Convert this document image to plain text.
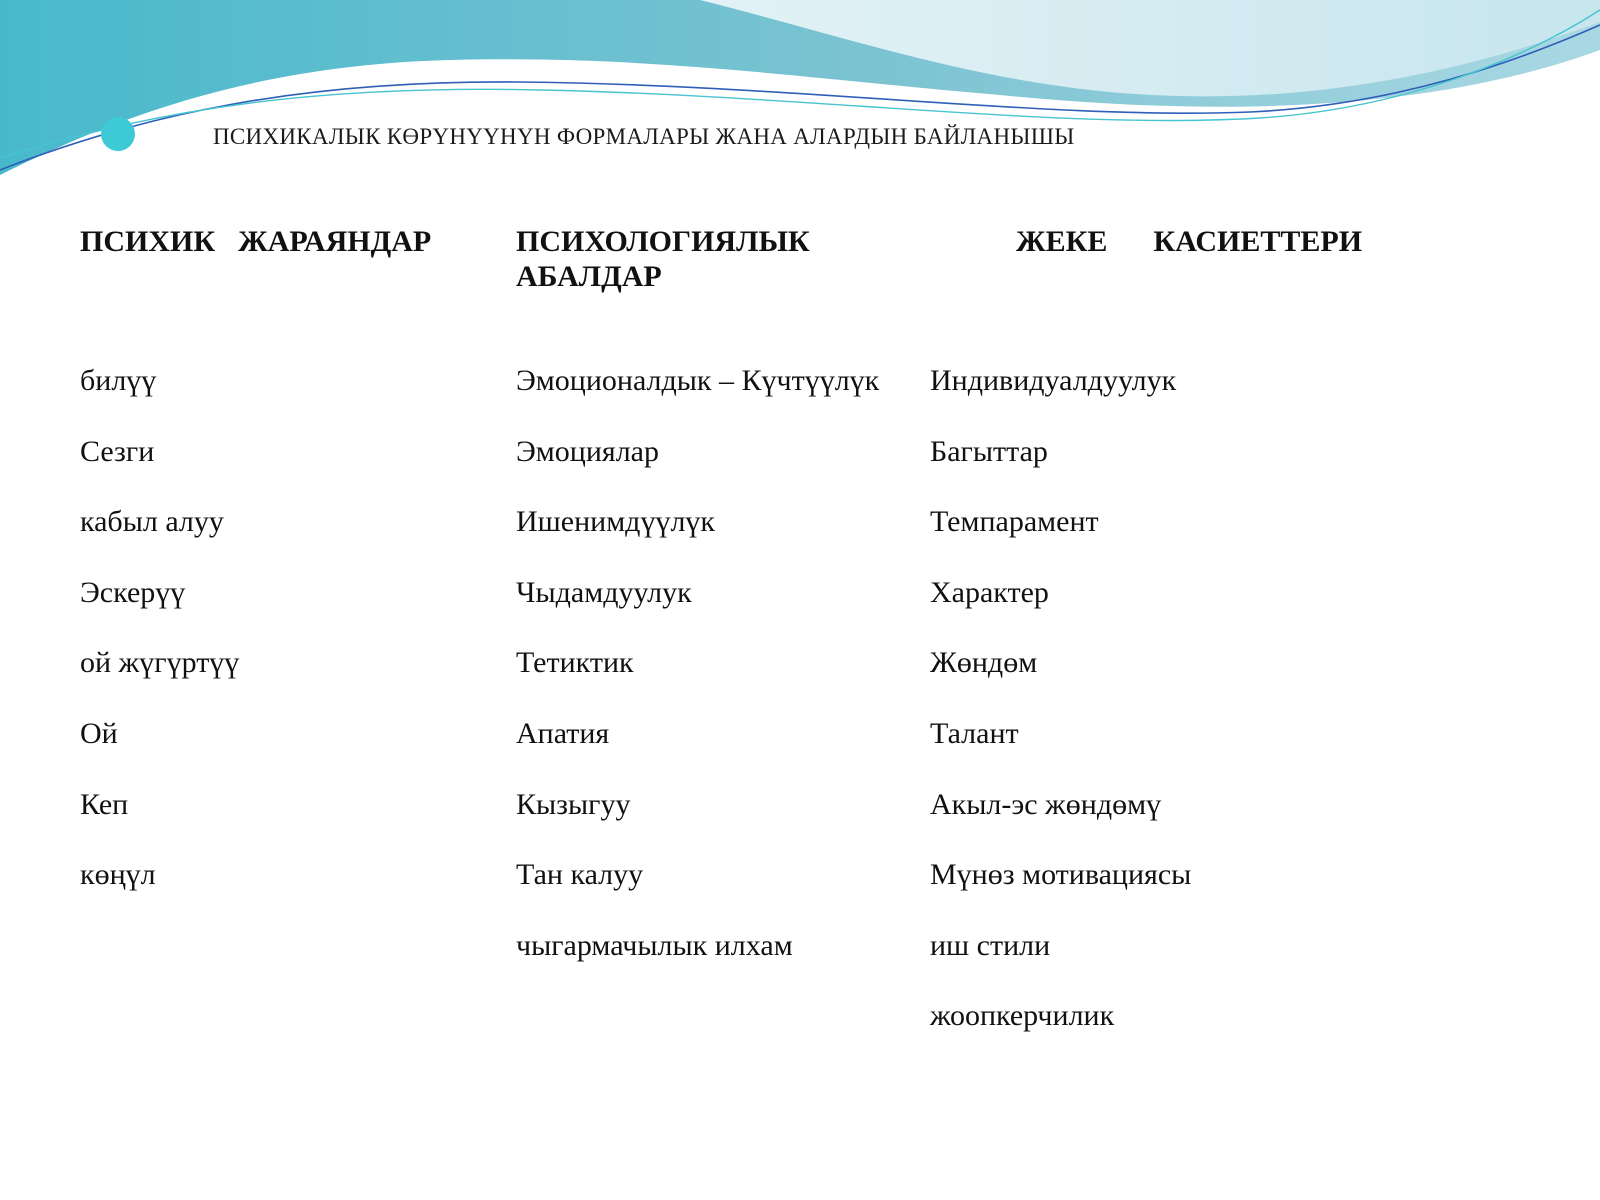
ПСИХИКАЛЫК КӨРҮНҮҮНҮН ФОРМАЛАРЫ ЖАНА АЛАРДЫН БАЙЛАНЫШЫ
ПСИХИК  ЖАРАЯНДАР
билүү
Сезги
кабыл алуу
Эскерүү
ой жүгүртүү
Ой
Кеп
көңүл
ПСИХОЛОГИЯЛЫК
АБАЛДАР
Эмоционалдык – Күчтүүлүк
Эмоциялар
Ишенимдүүлүк
Чыдамдуулук
Тетиктик
Апатия
Кызыгуу
Тан калуу
чыгармачылык илхам
ЖЕКЕ    КАСИЕТТЕРИ
Индивидуалдуулук
Багыттар
Темпарамент
Характер
Жөндөм
Талант
Акыл-эс жөндөмү
Мүнөз мотивациясы
иш стили
жоопкерчилик
